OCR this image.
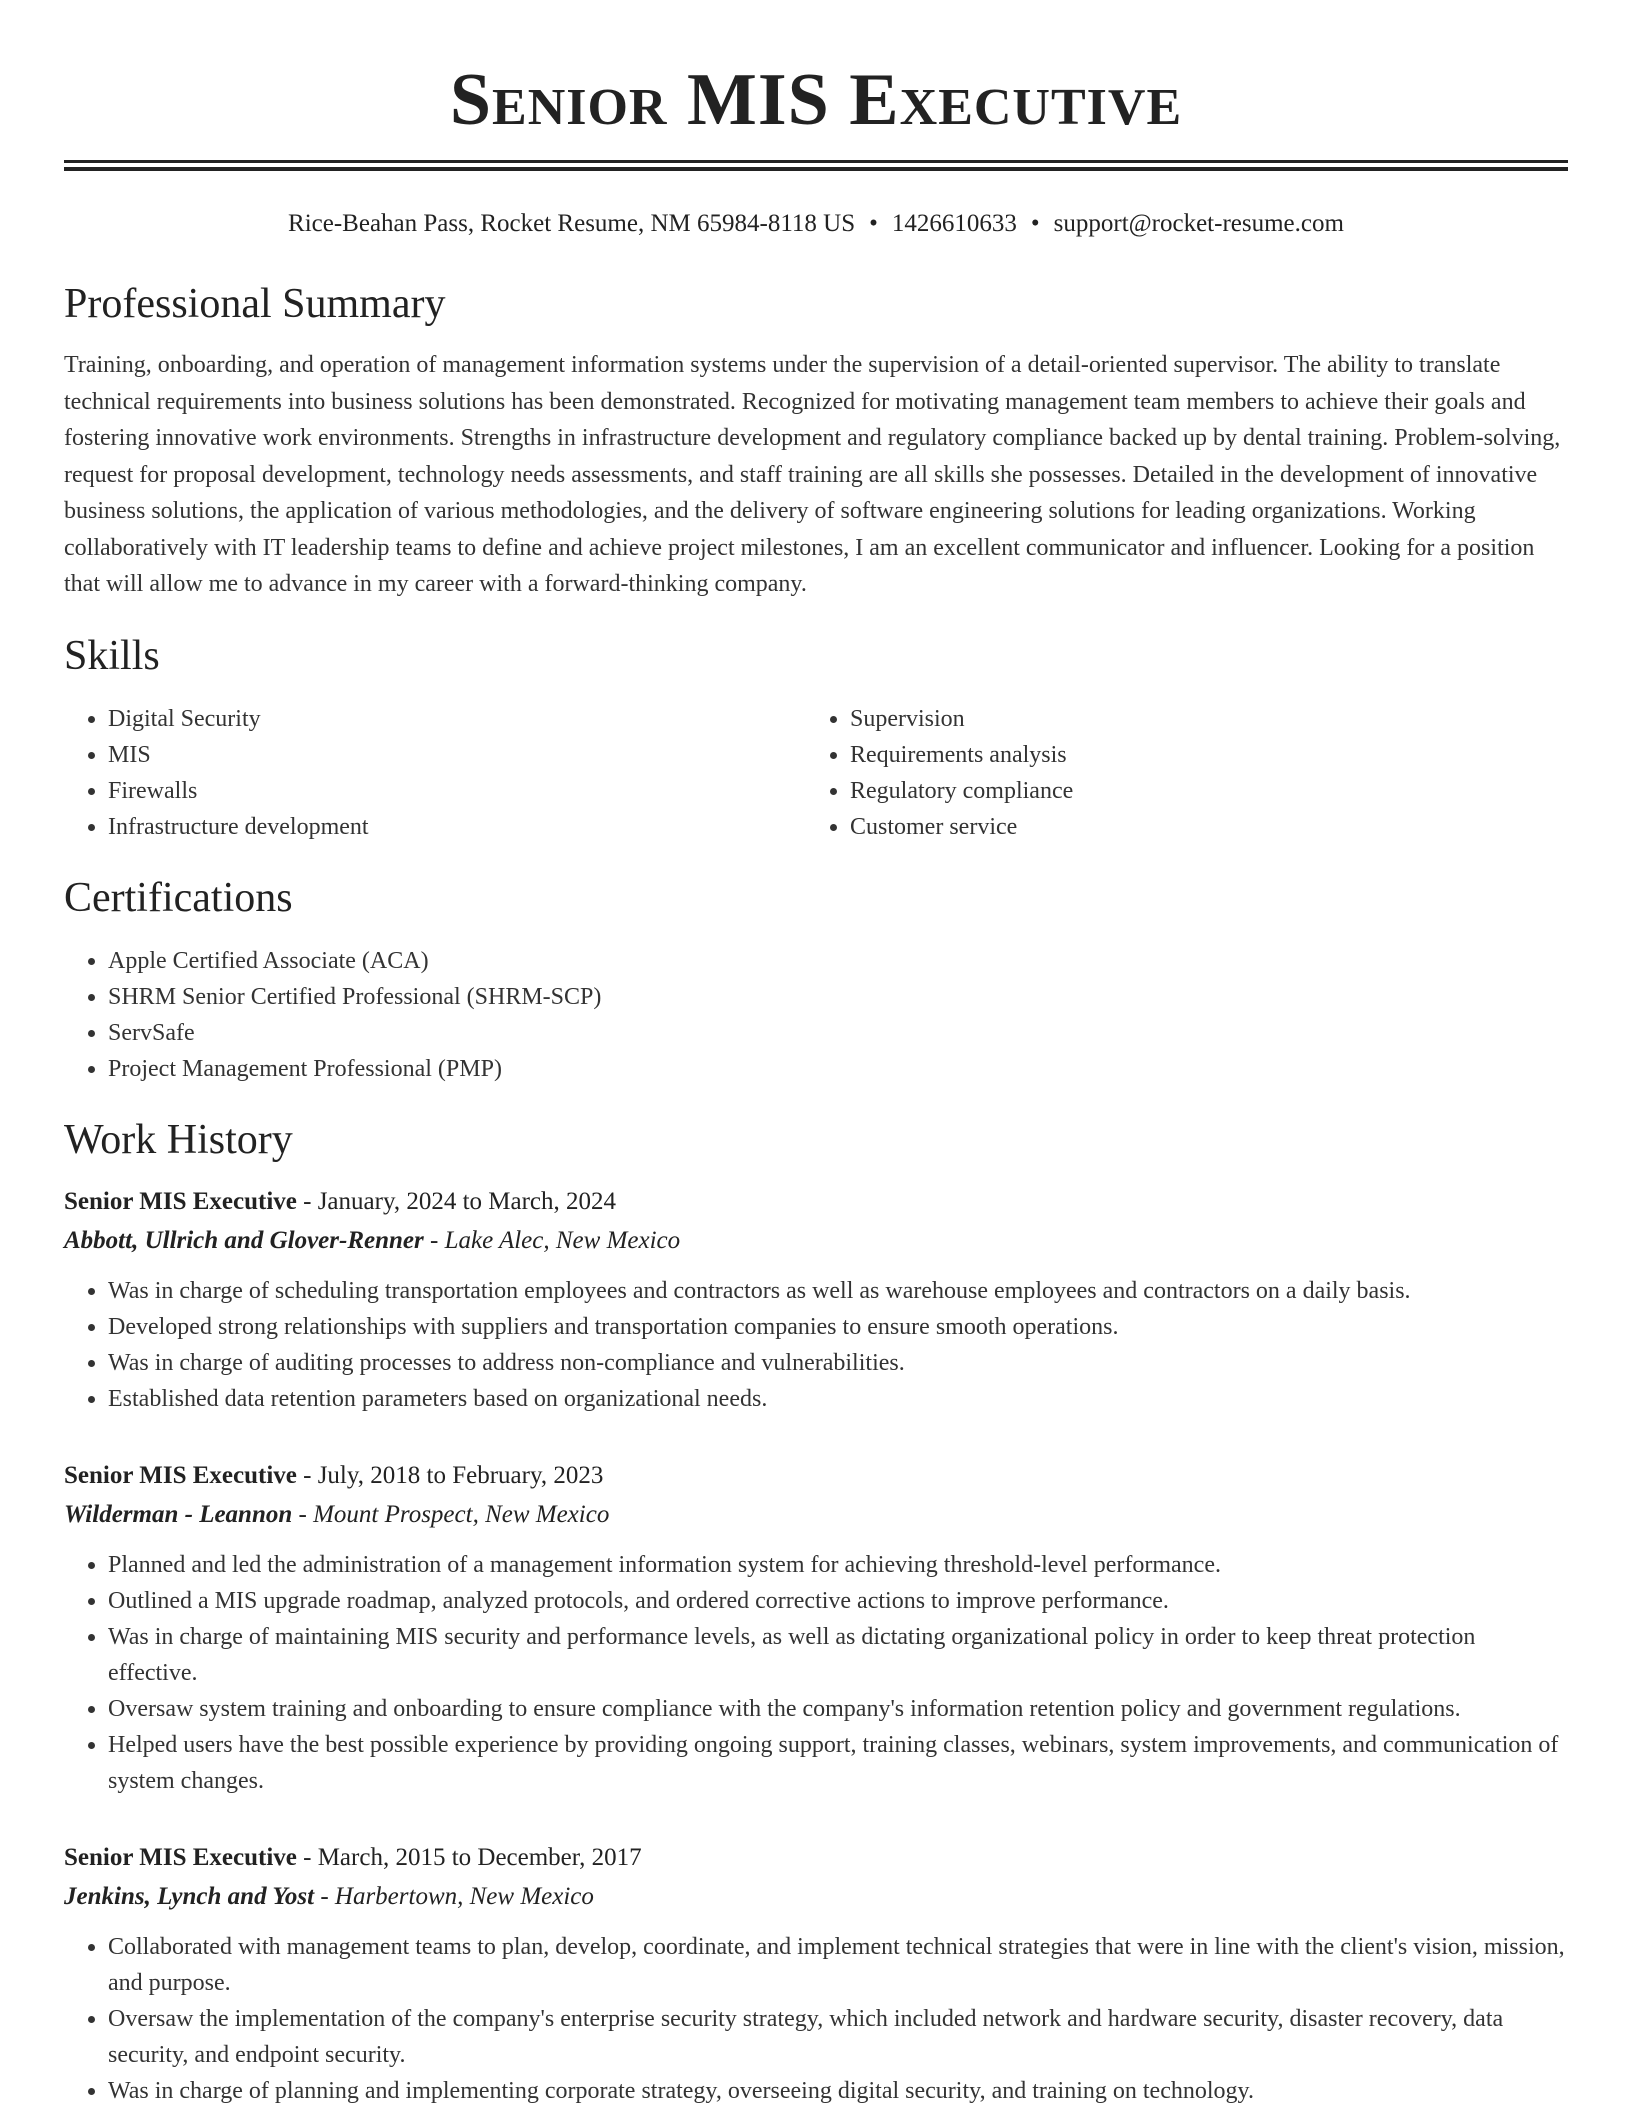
Senior MIS Executive
Rice-Beahan Pass, Rocket Resume, NM 65984-8118 US • 1426610633 • support@rocket-resume.com
Professional Summary
Training, onboarding, and operation of management information systems under the supervision of a detail-oriented supervisor. The ability to translate technical requirements into business solutions has been demonstrated. Recognized for motivating management team members to achieve their goals and fostering innovative work environments. Strengths in infrastructure development and regulatory compliance backed up by dental training. Problem-solving, request for proposal development, technology needs assessments, and staff training are all skills she possesses. Detailed in the development of innovative business solutions, the application of various methodologies, and the delivery of software engineering solutions for leading organizations. Working collaboratively with IT leadership teams to define and achieve project milestones, I am an excellent communicator and influencer. Looking for a position that will allow me to advance in my career with a forward-thinking company.
Skills
• Digital Security
• MIS
• Firewalls
• Infrastructure development
• Supervision
• Requirements analysis
• Regulatory compliance
• Customer service
Certifications
• Apple Certified Associate (ACA)
• SHRM Senior Certified Professional (SHRM-SCP)
• ServSafe
• Project Management Professional (PMP)
Work History
Senior MIS Executive - January, 2024 to March, 2024
Abbott, Ullrich and Glover-Renner - Lake Alec, New Mexico
• Was in charge of scheduling transportation employees and contractors as well as warehouse employees and contractors on a daily basis.
• Developed strong relationships with suppliers and transportation companies to ensure smooth operations.
• Was in charge of auditing processes to address non-compliance and vulnerabilities.
• Established data retention parameters based on organizational needs.
Senior MIS Executive - July, 2018 to February, 2023
Wilderman - Leannon - Mount Prospect, New Mexico
• Planned and led the administration of a management information system for achieving threshold-level performance.
• Outlined a MIS upgrade roadmap, analyzed protocols, and ordered corrective actions to improve performance.
• Was in charge of maintaining MIS security and performance levels, as well as dictating organizational policy in order to keep threat protection effective.
• Oversaw system training and onboarding to ensure compliance with the company's information retention policy and government regulations.
• Helped users have the best possible experience by providing ongoing support, training classes, webinars, system improvements, and communication of system changes.
Senior MIS Executive - March, 2015 to December, 2017
Jenkins, Lynch and Yost - Harbertown, New Mexico
• Collaborated with management teams to plan, develop, coordinate, and implement technical strategies that were in line with the client's vision, mission, and purpose.
• Oversaw the implementation of the company's enterprise security strategy, which included network and hardware security, disaster recovery, data security, and endpoint security.
• Was in charge of planning and implementing corporate strategy, overseeing digital security, and training on technology.
